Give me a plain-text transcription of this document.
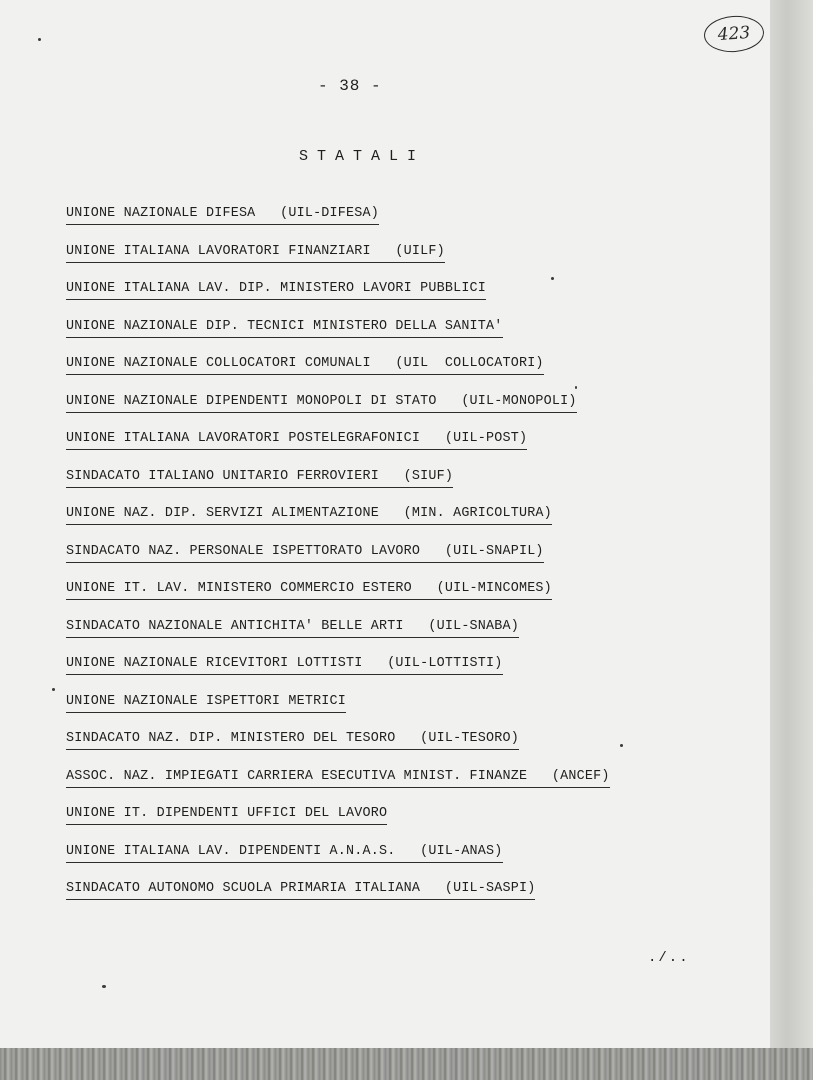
423
- 38 -
STATALI
UNIONE NAZIONALE DIFESA   (UIL-DIFESA)
UNIONE ITALIANA LAVORATORI FINANZIARI   (UILF)
UNIONE ITALIANA LAV. DIP. MINISTERO LAVORI PUBBLICI
UNIONE NAZIONALE DIP. TECNICI MINISTERO DELLA SANITA'
UNIONE NAZIONALE COLLOCATORI COMUNALI   (UIL  COLLOCATORI)
UNIONE NAZIONALE DIPENDENTI MONOPOLI DI STATO   (UIL-MONOPOLI)
UNIONE ITALIANA LAVORATORI POSTELEGRAFONICI   (UIL-POST)
SINDACATO ITALIANO UNITARIO FERROVIERI   (SIUF)
UNIONE NAZ. DIP. SERVIZI ALIMENTAZIONE   (MIN. AGRICOLTURA)
SINDACATO NAZ. PERSONALE ISPETTORATO LAVORO   (UIL-SNAPIL)
UNIONE IT. LAV. MINISTERO COMMERCIO ESTERO   (UIL-MINCOMES)
SINDACATO NAZIONALE ANTICHITA' BELLE ARTI   (UIL-SNABA)
UNIONE NAZIONALE RICEVITORI LOTTISTI   (UIL-LOTTISTI)
UNIONE NAZIONALE ISPETTORI METRICI
SINDACATO NAZ. DIP. MINISTERO DEL TESORO   (UIL-TESORO)
ASSOC. NAZ. IMPIEGATI CARRIERA ESECUTIVA MINIST. FINANZE   (ANCEF)
UNIONE IT. DIPENDENTI UFFICI DEL LAVORO
UNIONE ITALIANA LAV. DIPENDENTI A.N.A.S.   (UIL-ANAS)
SINDACATO AUTONOMO SCUOLA PRIMARIA ITALIANA   (UIL-SASPI)
./..
